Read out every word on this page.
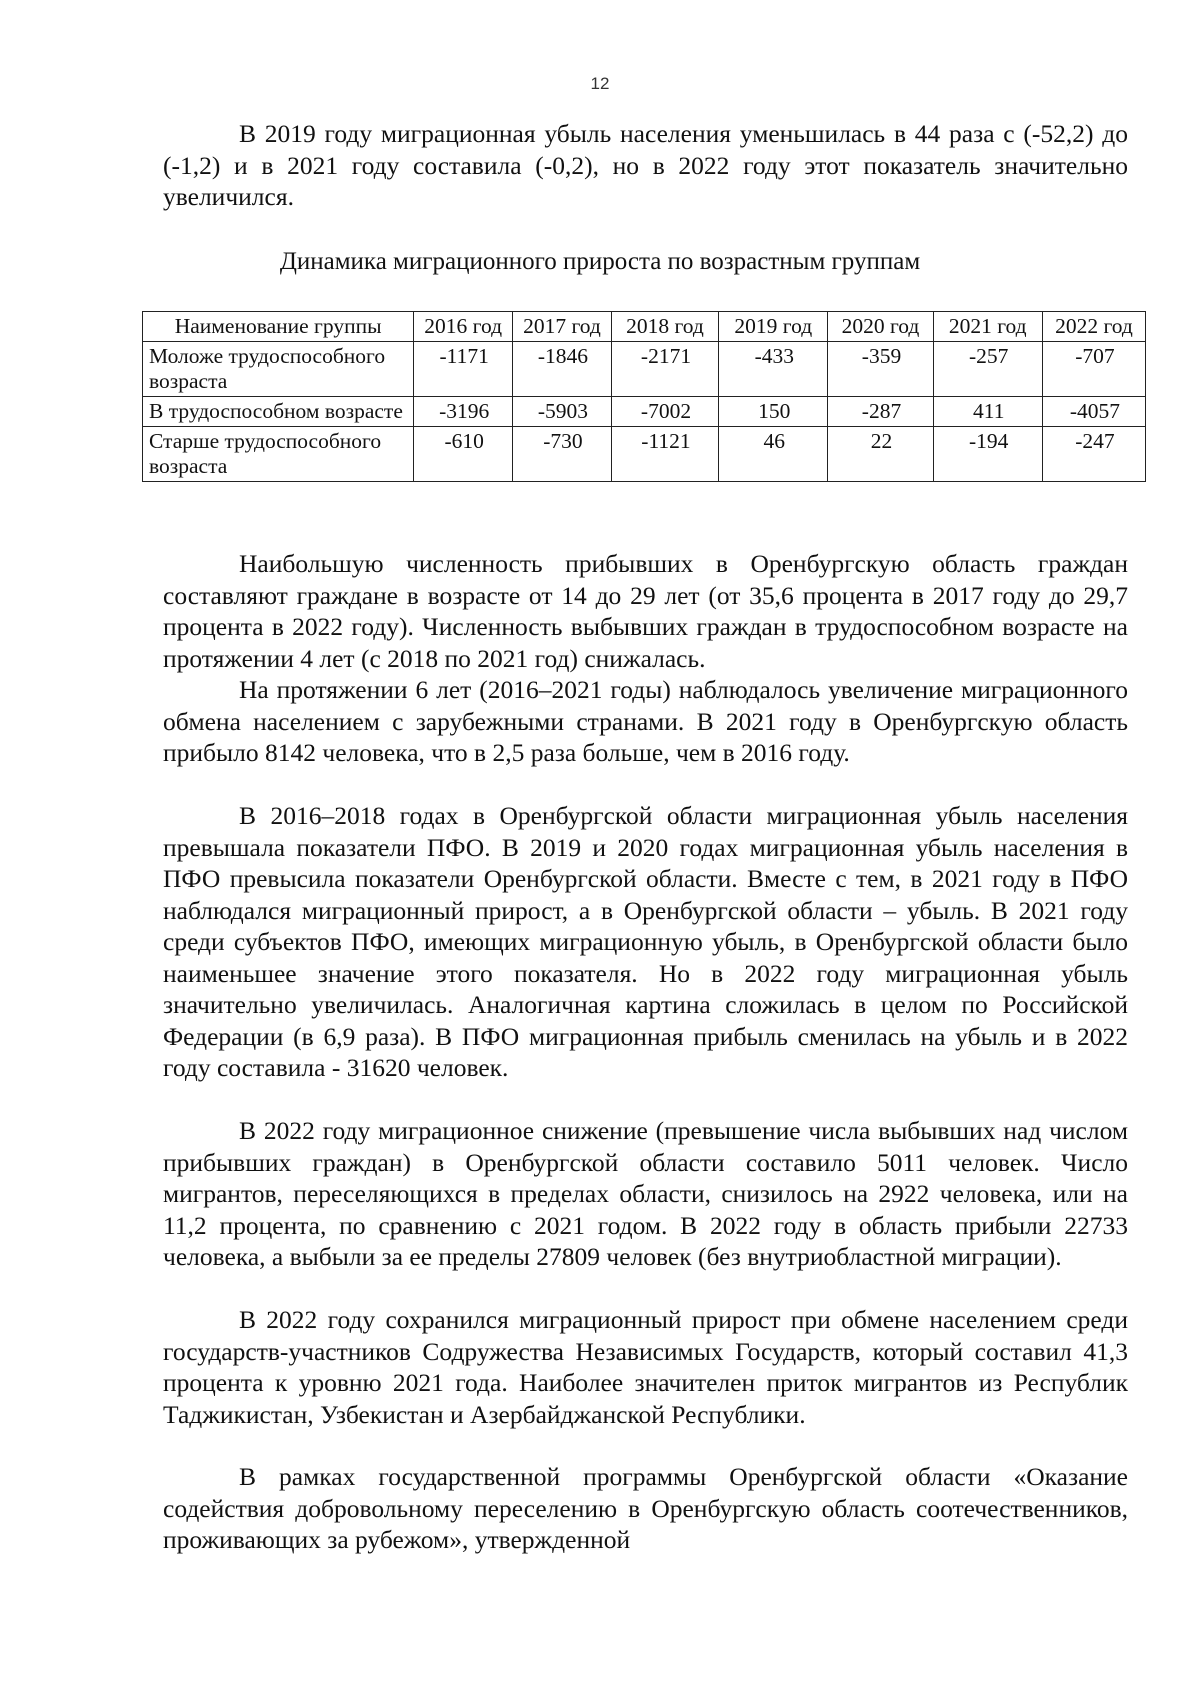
12

В 2019 году миграционная убыль населения уменьшилась в 44 раза с (-52,2) до (-1,2) и в 2021 году составила (-0,2), но в 2022 году этот показатель значительно увеличился.

Динамика миграционного прироста по возрастным группам

Наименование группы	2016 год	2017 год	2018 год	2019 год	2020 год	2021 год	2022 год
Моложе трудоспособного возраста	-1171	-1846	-2171	-433	-359	-257	-707
В трудоспособном возрасте	-3196	-5903	-7002	150	-287	411	-4057
Старше трудоспособного возраста	-610	-730	-1121	46	22	-194	-247

Наибольшую численность прибывших в Оренбургскую область граждан составляют граждане в возрасте от 14 до 29 лет (от 35,6 процента в 2017 году до 29,7 процента в 2022 году). Численность выбывших граждан в трудоспособном возрасте на протяжении 4 лет (с 2018 по 2021 год) снижалась.

На протяжении 6 лет (2016–2021 годы) наблюдалось увеличение миграционного обмена населением с зарубежными странами. В 2021 году в Оренбургскую область прибыло 8142 человека, что в 2,5 раза больше, чем в 2016 году.

В 2016–2018 годах в Оренбургской области миграционная убыль населения превышала показатели ПФО. В 2019 и 2020 годах миграционная убыль населения в ПФО превысила показатели Оренбургской области. Вместе с тем, в 2021 году в ПФО наблюдался миграционный прирост, а в Оренбургской области – убыль. В 2021 году среди субъектов ПФО, имеющих миграционную убыль, в Оренбургской области было наименьшее значение этого показателя. Но в 2022 году миграционная убыль значительно увеличилась. Аналогичная картина сложилась в целом по Российской Федерации (в 6,9 раза). В ПФО миграционная прибыль сменилась на убыль и в 2022 году составила - 31620 человек.

В 2022 году миграционное снижение (превышение числа выбывших над числом прибывших граждан) в Оренбургской области составило 5011 человек. Число мигрантов, переселяющихся в пределах области, снизилось на 2922 человека, или на 11,2 процента, по сравнению с 2021 годом. В 2022 году в область прибыли 22733 человека, а выбыли за ее пределы 27809 человек (без внутриобластной миграции).

В 2022 году сохранился миграционный прирост при обмене населением среди государств-участников Содружества Независимых Государств, который составил 41,3 процента к уровню 2021 года. Наиболее значителен приток мигрантов из Республик Таджикистан, Узбекистан и Азербайджанской Республики.

В рамках государственной программы Оренбургской области «Оказание содействия добровольному переселению в Оренбургскую область соотечественников, проживающих за рубежом», утвержденной
